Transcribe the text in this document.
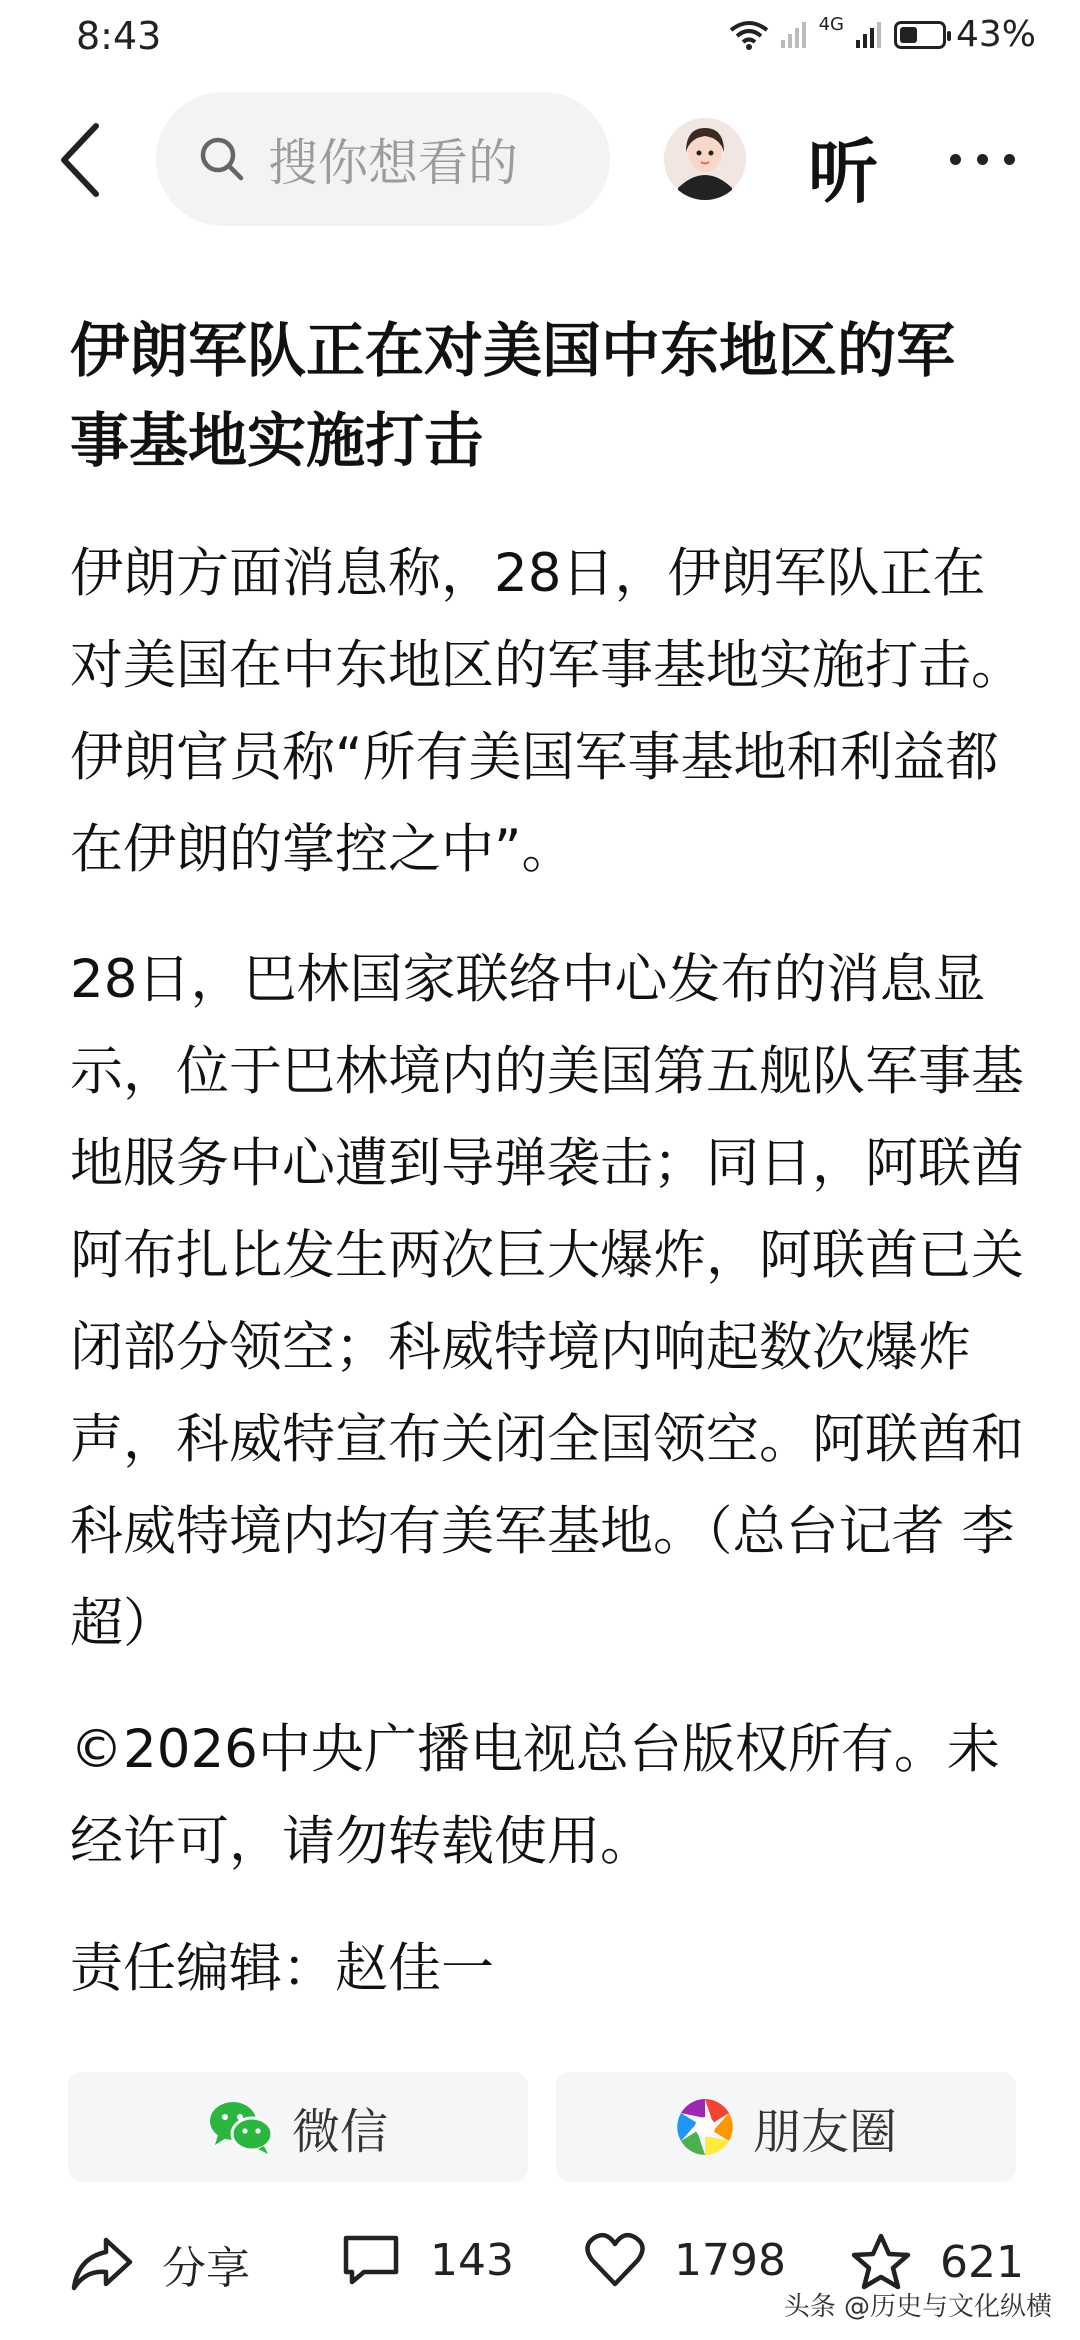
8:43	4G	43%
搜你想看的	听
伊朗军队正在对美国中东地区的军事基地实施打击
伊朗方面消息称，28日，伊朗军队正在对美国在中东地区的军事基地实施打击。伊朗官员称“所有美国军事基地和利益都在伊朗的掌控之中”。
28日，巴林国家联络中心发布的消息显示，位于巴林境内的美国第五舰队军事基地服务中心遭到导弹袭击；同日，阿联酋阿布扎比发生两次巨大爆炸，阿联酋已关闭部分领空；科威特境内响起数次爆炸声，科威特宣布关闭全国领空。阿联酋和科威特境内均有美军基地。（总台记者 李超）
©2026中央广播电视总台版权所有。未经许可，请勿转载使用。
责任编辑：赵佳一
微信	朋友圈
分享	143	1798	621
头条 @历史与文化纵横
